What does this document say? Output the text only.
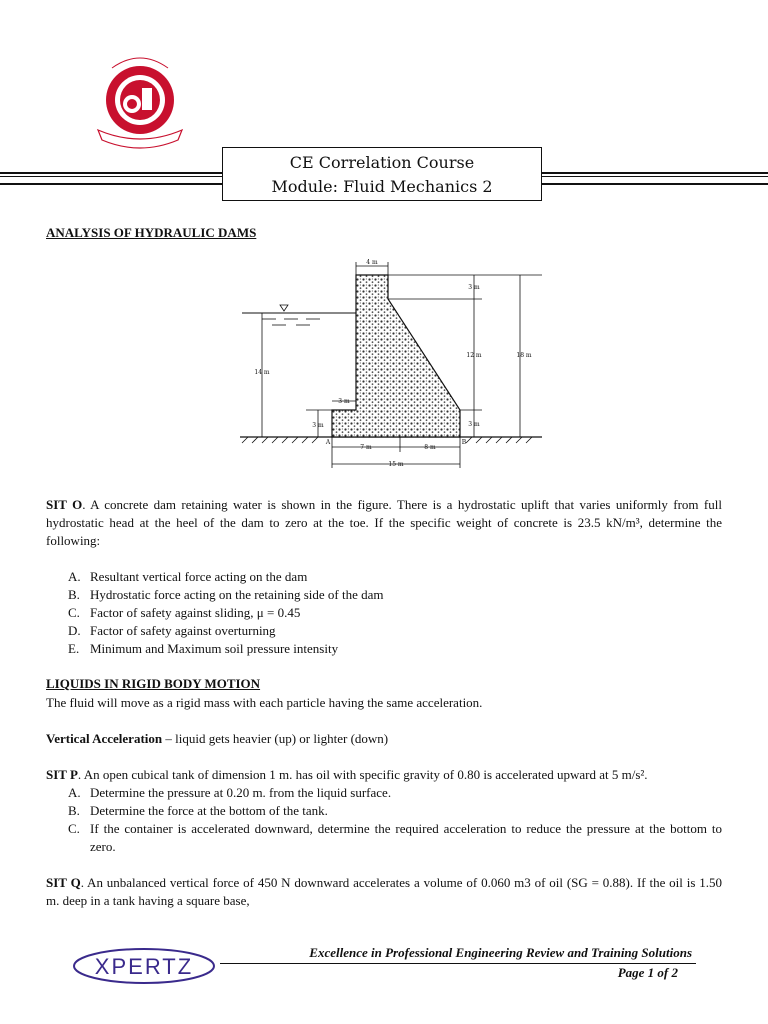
CE Correlation Course
Module: Fluid Mechanics 2
ANALYSIS OF HYDRAULIC DAMS
4 m
3 m
12 m	18 m
14 m
3 m
3 m	3 m
7 m	8 m
15 m
A	B
SIT O. A concrete dam retaining water is shown in the figure. There is a hydrostatic uplift that varies uniformly from full hydrostatic head at the heel of the dam to zero at the toe. If the specific weight of concrete is 23.5 kN/m³, determine the following:
A. Resultant vertical force acting on the dam
B. Hydrostatic force acting on the retaining side of the dam
C. Factor of safety against sliding, μ = 0.45
D. Factor of safety against overturning
E. Minimum and Maximum soil pressure intensity
LIQUIDS IN RIGID BODY MOTION
The fluid will move as a rigid mass with each particle having the same acceleration.
Vertical Acceleration – liquid gets heavier (up) or lighter (down)
SIT P. An open cubical tank of dimension 1 m. has oil with specific gravity of 0.80 is accelerated upward at 5 m/s².
A. Determine the pressure at 0.20 m. from the liquid surface.
B. Determine the force at the bottom of the tank.
C. If the container is accelerated downward, determine the required acceleration to reduce the pressure at the bottom to zero.
SIT Q. An unbalanced vertical force of 450 N downward accelerates a volume of 0.060 m3 of oil (SG = 0.88). If the oil is 1.50 m. deep in a tank having a square base,
XPERTZ
Excellence in Professional Engineering Review and Training Solutions
Page 1 of 2
